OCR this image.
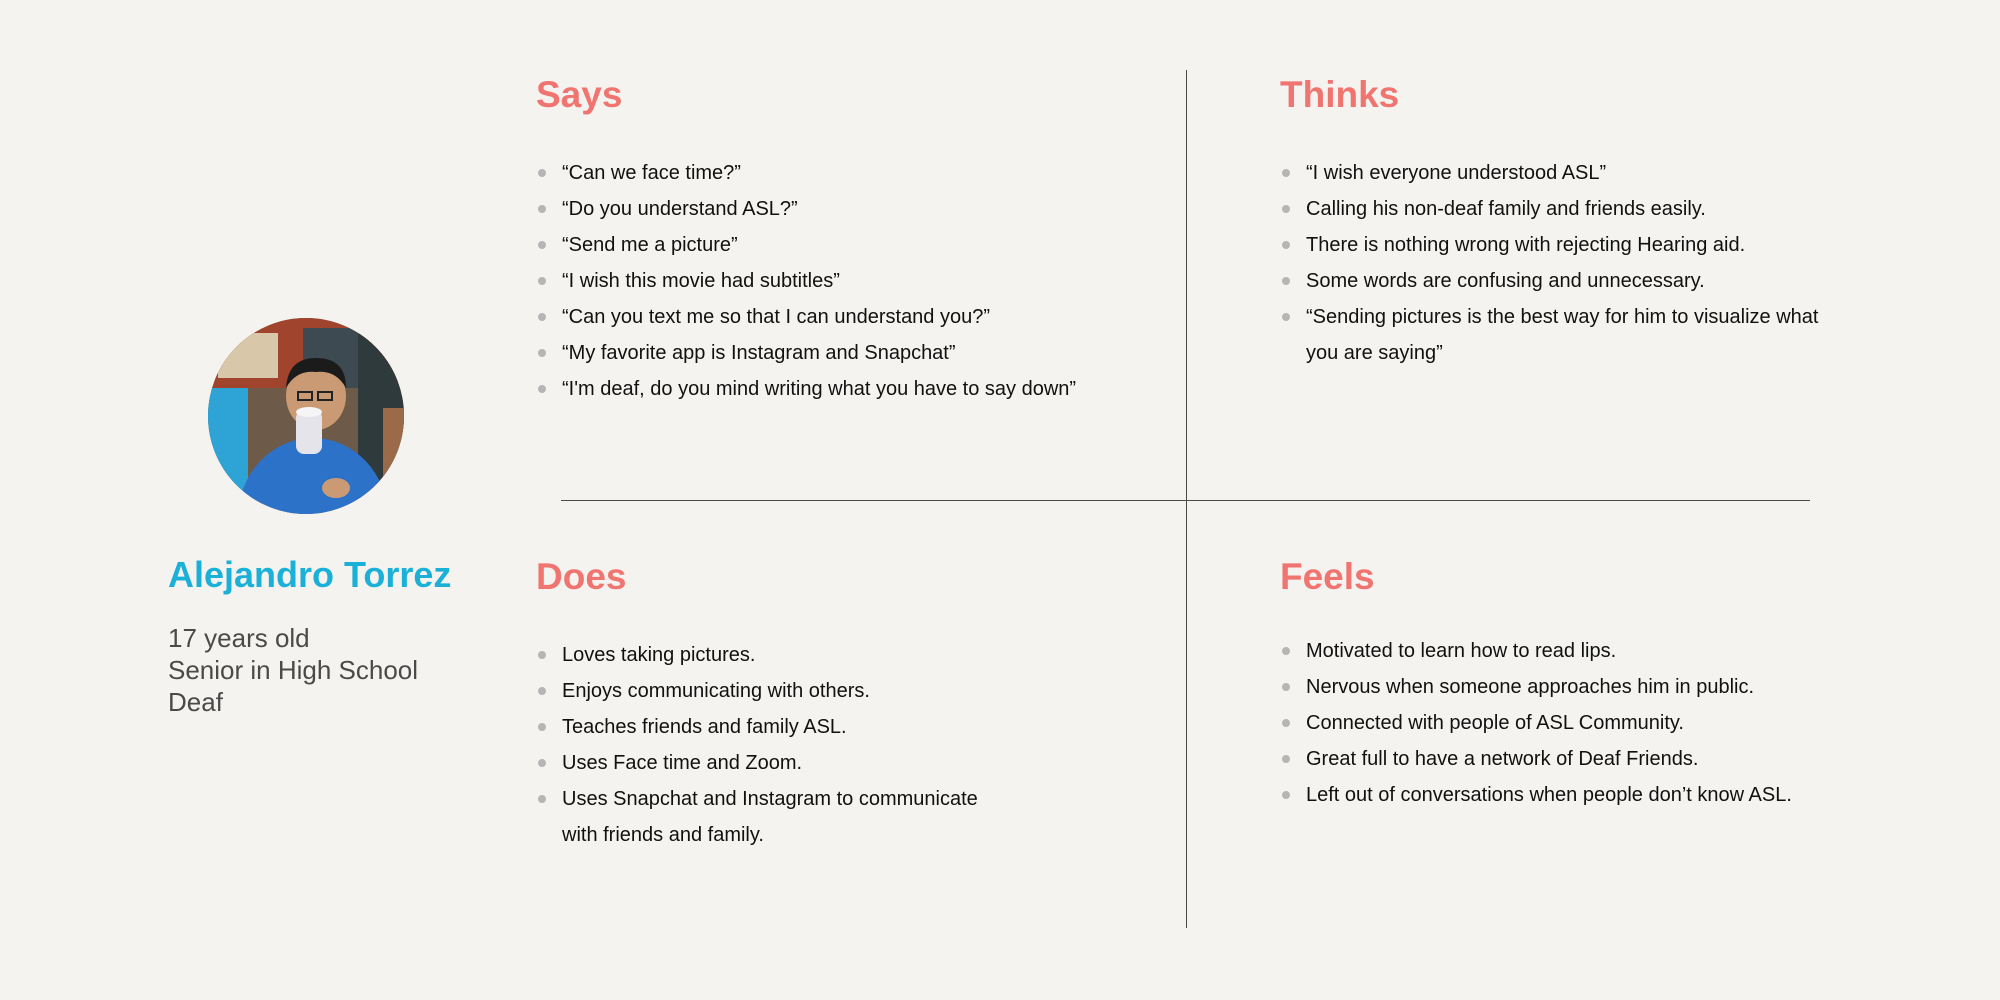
Alejandro Torrez
17 years old
Senior in High School
Deaf
Says
“Can we face time?”
“Do you understand ASL?”
“Send me a picture”
“I wish this movie had subtitles”
“Can you text me so that I can understand you?”
“My favorite app is Instagram and Snapchat”
“I'm deaf, do you mind writing what you have to say down”
Thinks
“I wish everyone understood ASL”
Calling his non-deaf family and friends easily.
There is nothing wrong with rejecting Hearing aid.
Some words are confusing and unnecessary.
“Sending pictures is the best way for him to visualize what you are saying”
Does
Loves taking pictures.
Enjoys communicating with others.
Teaches friends and family ASL.
Uses Face time and Zoom.
Uses Snapchat and Instagram to communicate with friends and family.
Feels
Motivated to learn how to read lips.
Nervous when someone approaches him in public.
Connected with people of ASL Community.
Great full to have a network of Deaf Friends.
Left out of conversations when people don’t know ASL.
